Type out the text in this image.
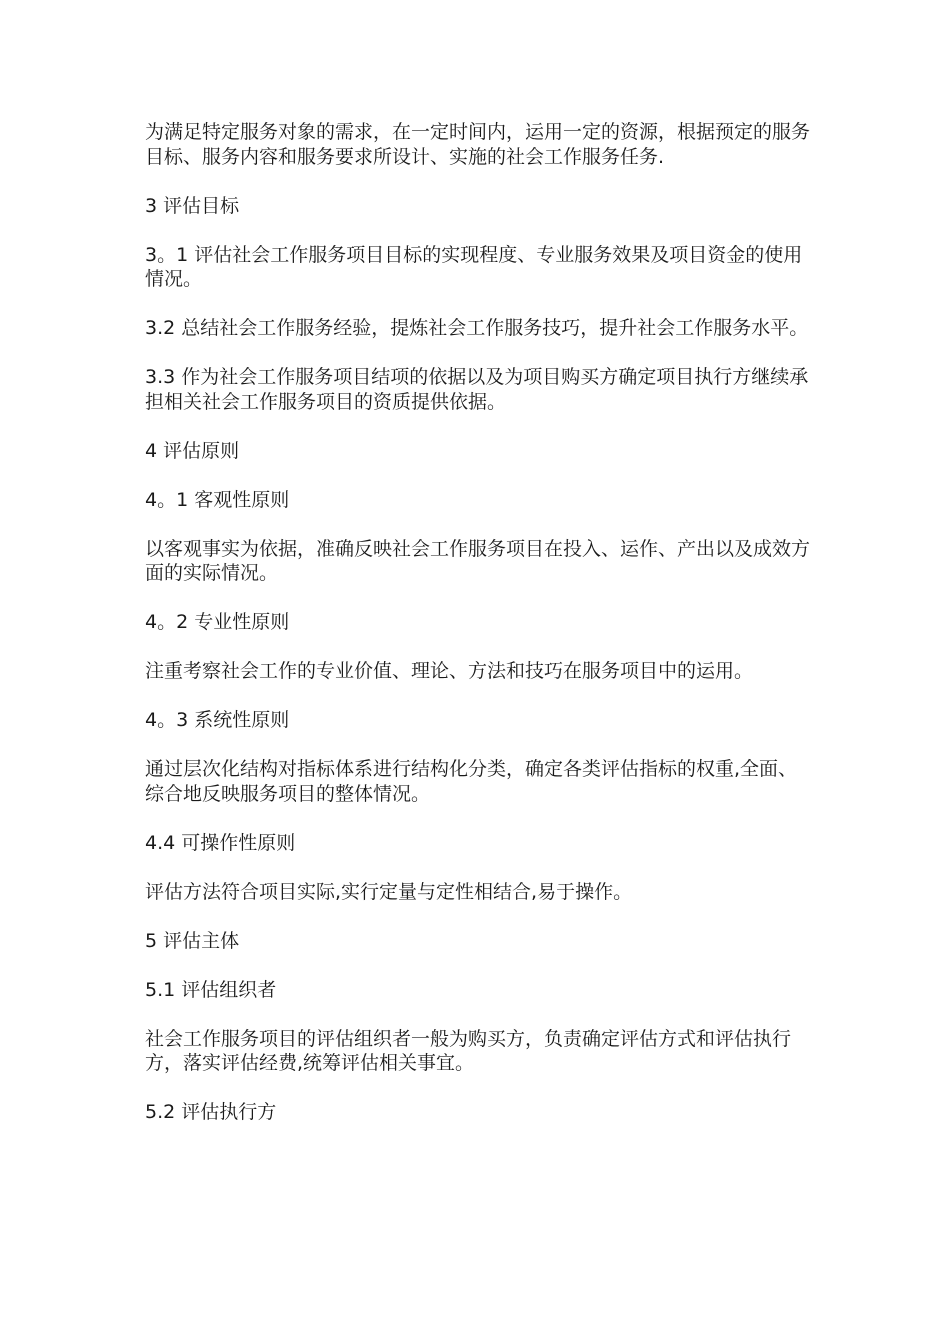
为满足特定服务对象的需求，在一定时间内，运用一定的资源，根据预定的服务目标、服务内容和服务要求所设计、实施的社会工作服务任务.

3 评估目标

3。1 评估社会工作服务项目目标的实现程度、专业服务效果及项目资金的使用情况。

3.2 总结社会工作服务经验，提炼社会工作服务技巧，提升社会工作服务水平。

3.3 作为社会工作服务项目结项的依据以及为项目购买方确定项目执行方继续承担相关社会工作服务项目的资质提供依据。

4 评估原则

4。1 客观性原则

以客观事实为依据，准确反映社会工作服务项目在投入、运作、产出以及成效方面的实际情况。

4。2 专业性原则

注重考察社会工作的专业价值、理论、方法和技巧在服务项目中的运用。

4。3 系统性原则

通过层次化结构对指标体系进行结构化分类，确定各类评估指标的权重,全面、综合地反映服务项目的整体情况。

4.4 可操作性原则

评估方法符合项目实际,实行定量与定性相结合,易于操作。

5 评估主体

5.1 评估组织者

社会工作服务项目的评估组织者一般为购买方，负责确定评估方式和评估执行方，落实评估经费,统筹评估相关事宜。

5.2 评估执行方
